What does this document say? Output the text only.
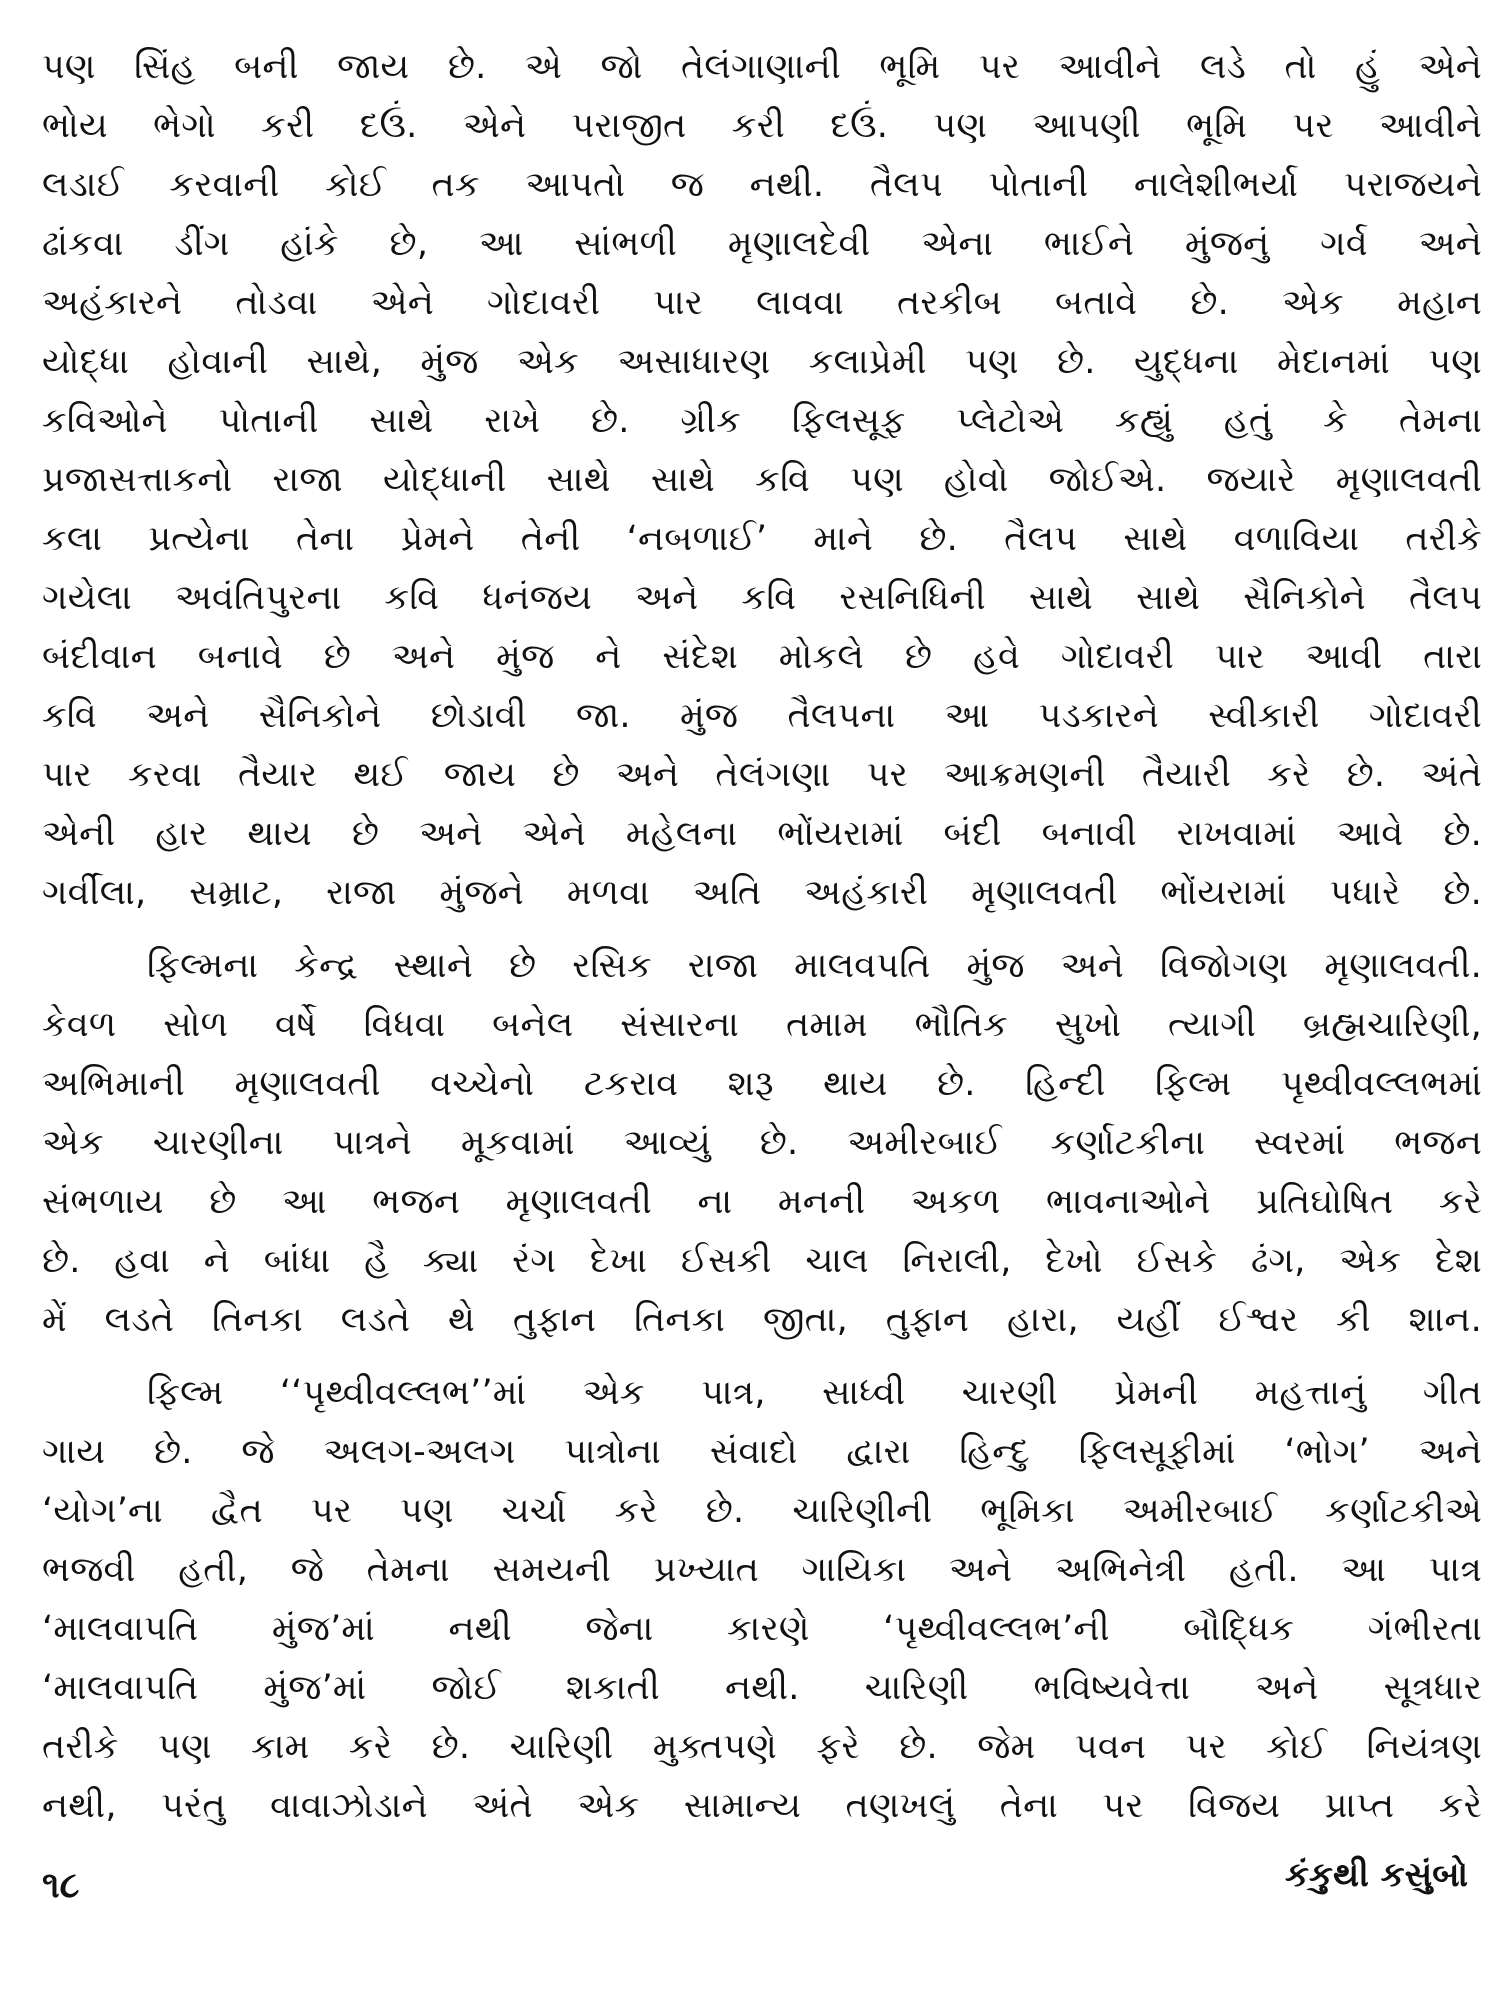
પણ સિંહ બની જાય છે. એ જો તેલંગાણાની ભૂમિ પર આવીને લડે તો હું એને
ભોય ભેગો કરી દઉં. એને પરાજીત કરી દઉં. પણ આપણી ભૂમિ પર આવીને
લડાઈ કરવાની કોઈ તક આપતો જ નથી. તૈલપ પોતાની નાલેશીભર્યા પરાજયને
ઢાંકવા ડીંગ હાંકે છે, આ સાંભળી મૃણાલદેવી એના ભાઈને મુંજનું ગર્વ અને
અહંકારને તોડવા એને ગોદાવરી પાર લાવવા તરકીબ બતાવે છે. એક મહાન
યોદ્ધા હોવાની સાથે, મુંજ એક અસાધારણ કલાપ્રેમી પણ છે. યુદ્ધના મેદાનમાં પણ
કવિઓને પોતાની સાથે રાખે છે. ગ્રીક ફિલસૂફ પ્લેટોએ કહ્યું હતું કે તેમના
પ્રજાસત્તાકનો રાજા યોદ્ધાની સાથે સાથે કવિ પણ હોવો જોઈએ. જયારે મૃણાલવતી
કલા પ્રત્યેના તેના પ્રેમને તેની ‘નબળાઈ’ માને છે. તૈલપ સાથે વળાવિયા તરીકે
ગયેલા અવંતિપુરના કવિ ધનંજય અને કવિ રસનિધિની સાથે સાથે સૈનિકોને તૈલપ
બંદીવાન બનાવે છે અને મુંજ ને સંદેશ મોકલે છે હવે ગોદાવરી પાર આવી તારા
કવિ અને સૈનિકોને છોડાવી જા. મુંજ તૈલપના આ પડકારને સ્વીકારી ગોદાવરી
પાર કરવા તૈયાર થઈ જાય છે અને તેલંગણા પર આક્રમણની તૈયારી કરે છે. અંતે
એની હાર થાય છે અને એને મહેલના ભોંયરામાં બંદી બનાવી રાખવામાં આવે છે.
ગર્વીલા, સમ્રાટ, રાજા મુંજને મળવા અતિ અહંકારી મૃણાલવતી ભોંયરામાં પધારે છે.
ફિલ્મના કેન્દ્ર સ્થાને છે રસિક રાજા માલવપતિ મુંજ અને વિજોગણ મૃણાલવતી.
કેવળ સોળ વર્ષે વિધવા બનેલ સંસારના તમામ ભૌતિક સુખો ત્યાગી બ્રહ્મચારિણી,
અભિમાની મૃણાલવતી વચ્ચેનો ટકરાવ શરૂ થાય છે. હિન્દી ફિલ્મ પૃથ્વીવલ્લભમાં
એક ચારણીના પાત્રને મૂકવામાં આવ્યું છે. અમીરબાઈ કર્ણાટકીના સ્વરમાં ભજન
સંભળાય છે આ ભજન મૃણાલવતી ના મનની અકળ ભાવનાઓને પ્રતિઘોષિત કરે
છે. હવા ને બાંધા હૈ ક્યા રંગ દેખા ઈસકી ચાલ નિરાલી, દેખો ઈસકે ઢંગ, એક દેશ
મેં લડતે તિનકા લડતે થે તુફાન તિનકા જીતા, તુફાન હારા, યહીં ઈશ્વર કી શાન.
ફિલ્મ ‘‘પૃથ્વીવલ્લભ’’માં એક પાત્ર, સાધ્વી ચારણી પ્રેમની મહત્તાનું ગીત
ગાય છે. જે અલગ-અલગ પાત્રોના સંવાદો દ્વારા હિન્દુ ફિલસૂફીમાં ‘ભોગ’ અને
‘યોગ’ના દ્વૈત પર પણ ચર્ચા કરે છે. ચારિણીની ભૂમિકા અમીરબાઈ કર્ણાટકીએ
ભજવી હતી, જે તેમના સમયની પ્રખ્યાત ગાયિકા અને અભિનેત્રી હતી. આ પાત્ર
‘માલવાપતિ મુંજ’માં નથી જેના કારણે ‘પૃથ્વીવલ્લભ’ની બૌદ્ધિક ગંભીરતા
‘માલવાપતિ મુંજ’માં જોઈ શકાતી નથી. ચારિણી ભવિષ્યવેત્તા અને સૂત્રધાર
તરીકે પણ કામ કરે છે. ચારિણી મુક્તપણે ફરે છે. જેમ પવન પર કોઈ નિયંત્રણ
નથી, પરંતુ વાવાઝોડાને અંતે એક સામાન્ય તણખલું તેના પર વિજય પ્રાપ્ત કરે
૧૮	કંકુથી કસુંબો
